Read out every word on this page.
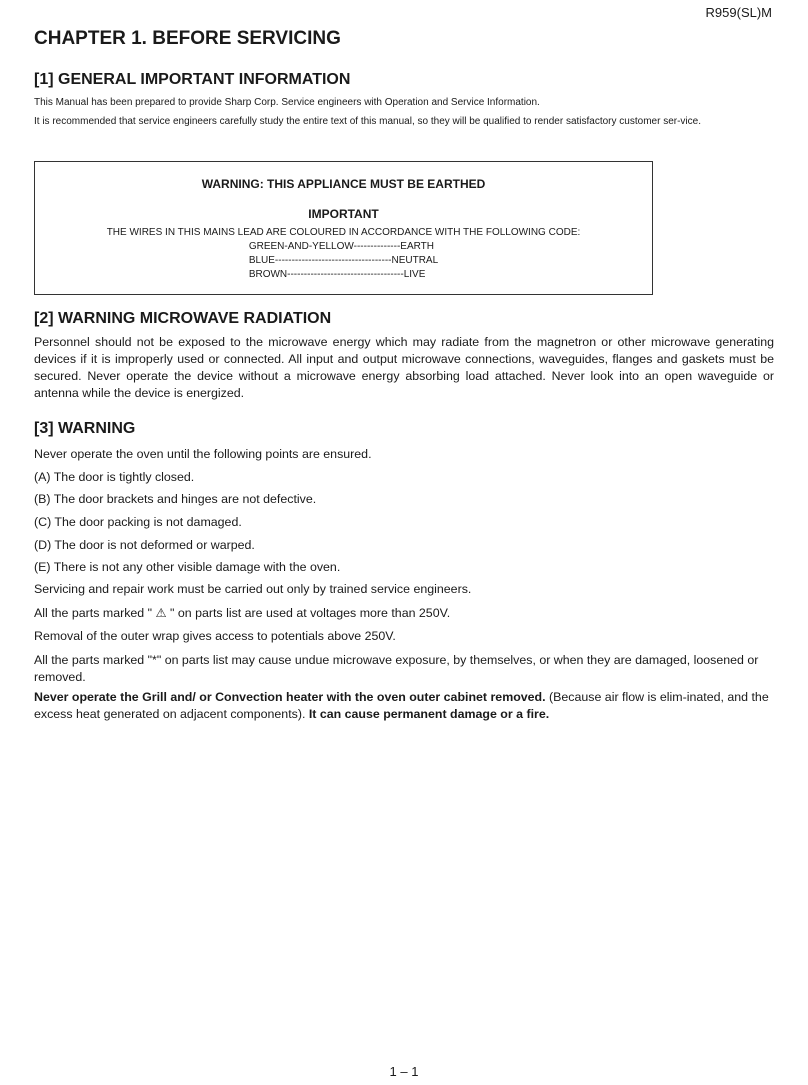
R959(SL)M
CHAPTER 1. BEFORE SERVICING
[1] GENERAL IMPORTANT INFORMATION

This Manual has been prepared to provide Sharp Corp. Service engineers with Operation and Service Information.

It is recommended that service engineers carefully study the entire text of this manual, so they will be qualified to render satisfactory customer ser-vice.

WARNING: THIS APPLIANCE MUST BE EARTHED
IMPORTANT
THE WIRES IN THIS MAINS LEAD ARE COLOURED IN ACCORDANCE WITH THE FOLLOWING CODE:
GREEN-AND-YELLOW--------------EARTH
BLUE-----------------------------------NEUTRAL
BROWN-----------------------------------LIVE
[2] WARNING MICROWAVE RADIATION

Personnel should not be exposed to the microwave energy which may radiate from the magnetron or other microwave generating devices if it is improperly used or connected. All input and output microwave connections, waveguides, flanges and gaskets must be secured. Never operate the device without a microwave energy absorbing load attached. Never look into an open waveguide or antenna while the device is energized.

[3] WARNING

Never operate the oven until the following points are ensured.

(A) The door is tightly closed.

(B) The door brackets and hinges are not defective.

(C) The door packing is not damaged.

(D) The door is not deformed or warped.

(E) There is not any other visible damage with the oven.

Servicing and repair work must be carried out only by trained service engineers.

All the parts marked " ⚠ " on parts list are used at voltages more than 250V.

Removal of the outer wrap gives access to potentials above 250V.

All the parts marked "*" on parts list may cause undue microwave exposure, by themselves, or when they are damaged, loosened or removed.

Never operate the Grill and/ or Convection heater with the oven outer cabinet removed. (Because air flow is elim-inated, and the excess heat generated on adjacent components). It can cause permanent damage or a fire.

1 – 1
